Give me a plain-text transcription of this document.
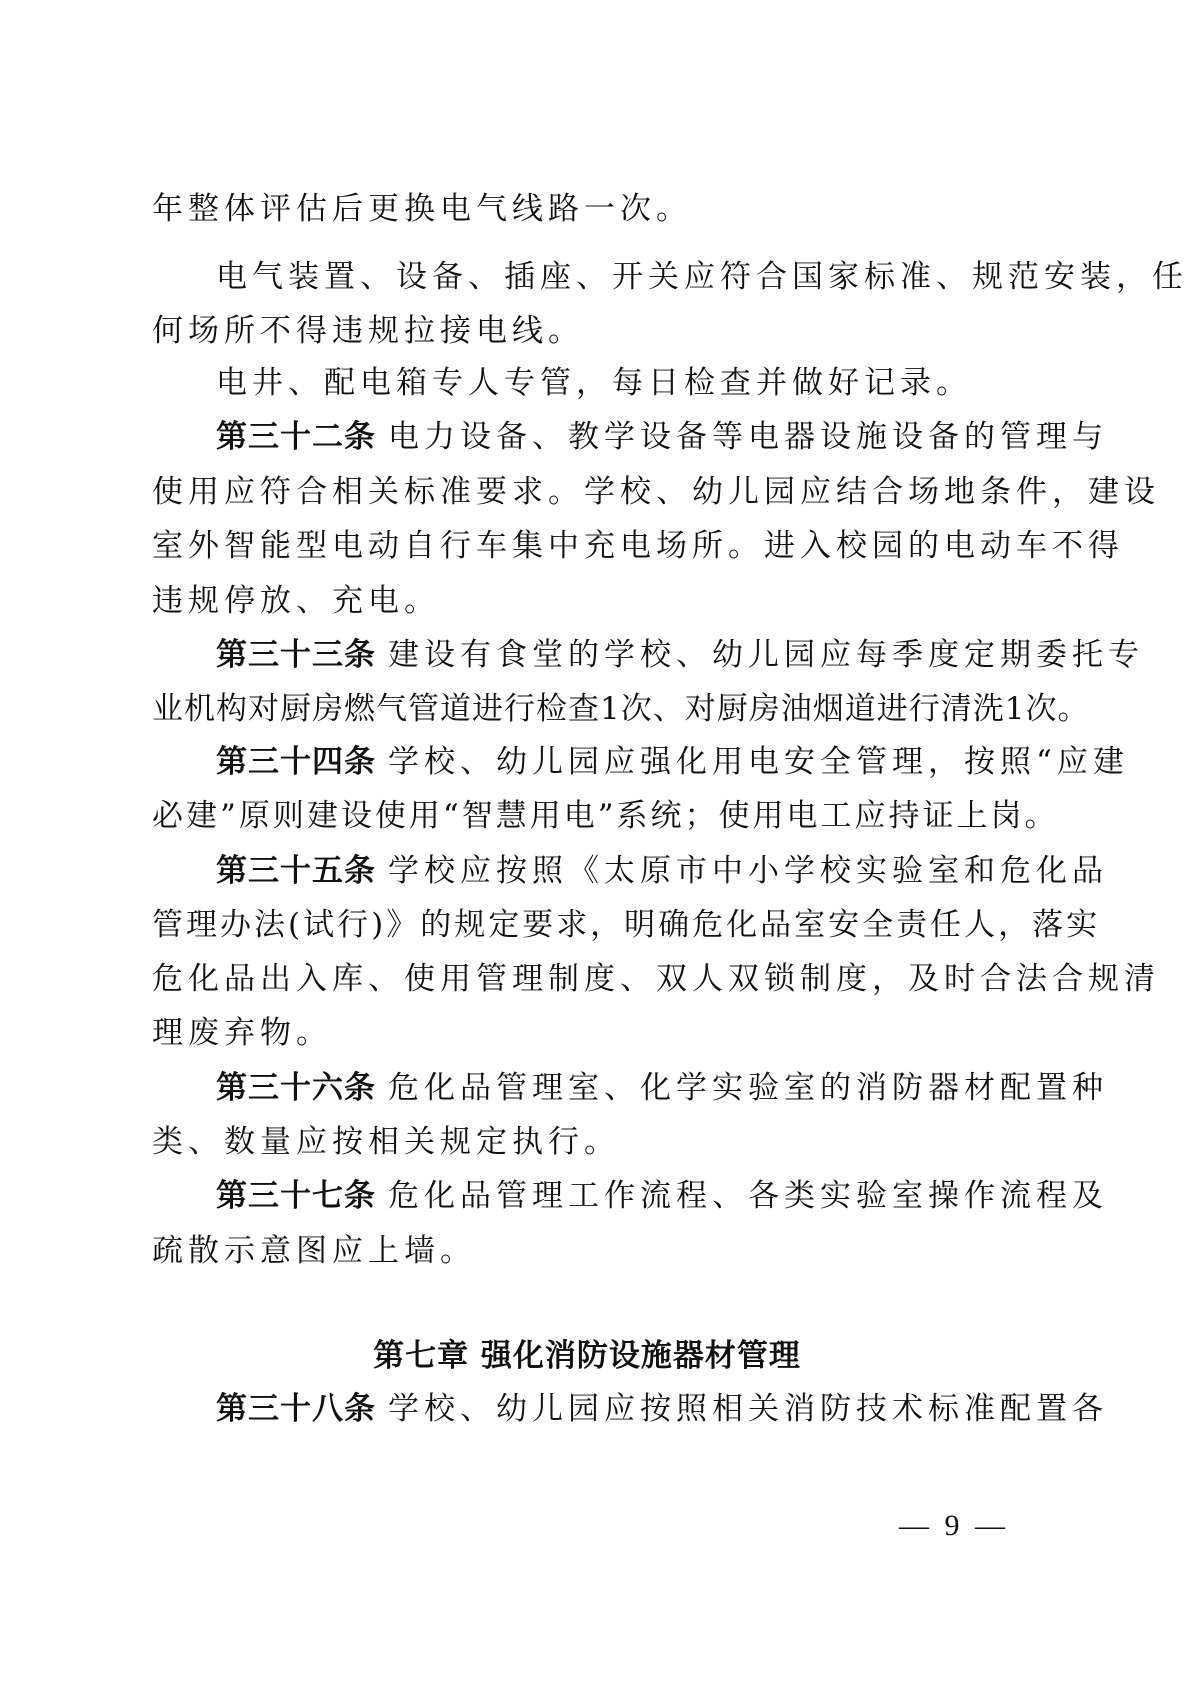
年整体评估后更换电气线路一次。
电气装置、设备、插座、开关应符合国家标准、规范安装，任
何场所不得违规拉接电线。
电井、配电箱专人专管，每日检查并做好记录。
第三十二条 电力设备、教学设备等电器设施设备的管理与
使用应符合相关标准要求。学校、幼儿园应结合场地条件，建设
室外智能型电动自行车集中充电场所。进入校园的电动车不得
违规停放、充电。
第三十三条 建设有食堂的学校、幼儿园应每季度定期委托专
业机构对厨房燃气管道进行检查1次、对厨房油烟道进行清洗1次。
第三十四条 学校、幼儿园应强化用电安全管理，按照“应建
必建”原则建设使用“智慧用电”系统；使用电工应持证上岗。
第三十五条 学校应按照《太原市中小学校实验室和危化品
管理办法(试行)》的规定要求，明确危化品室安全责任人，落实
危化品出入库、使用管理制度、双人双锁制度，及时合法合规清
理废弃物。
第三十六条 危化品管理室、化学实验室的消防器材配置种
类、数量应按相关规定执行。
第三十七条 危化品管理工作流程、各类实验室操作流程及
疏散示意图应上墙。
第七章 强化消防设施器材管理
第三十八条 学校、幼儿园应按照相关消防技术标准配置各
— 9 —
